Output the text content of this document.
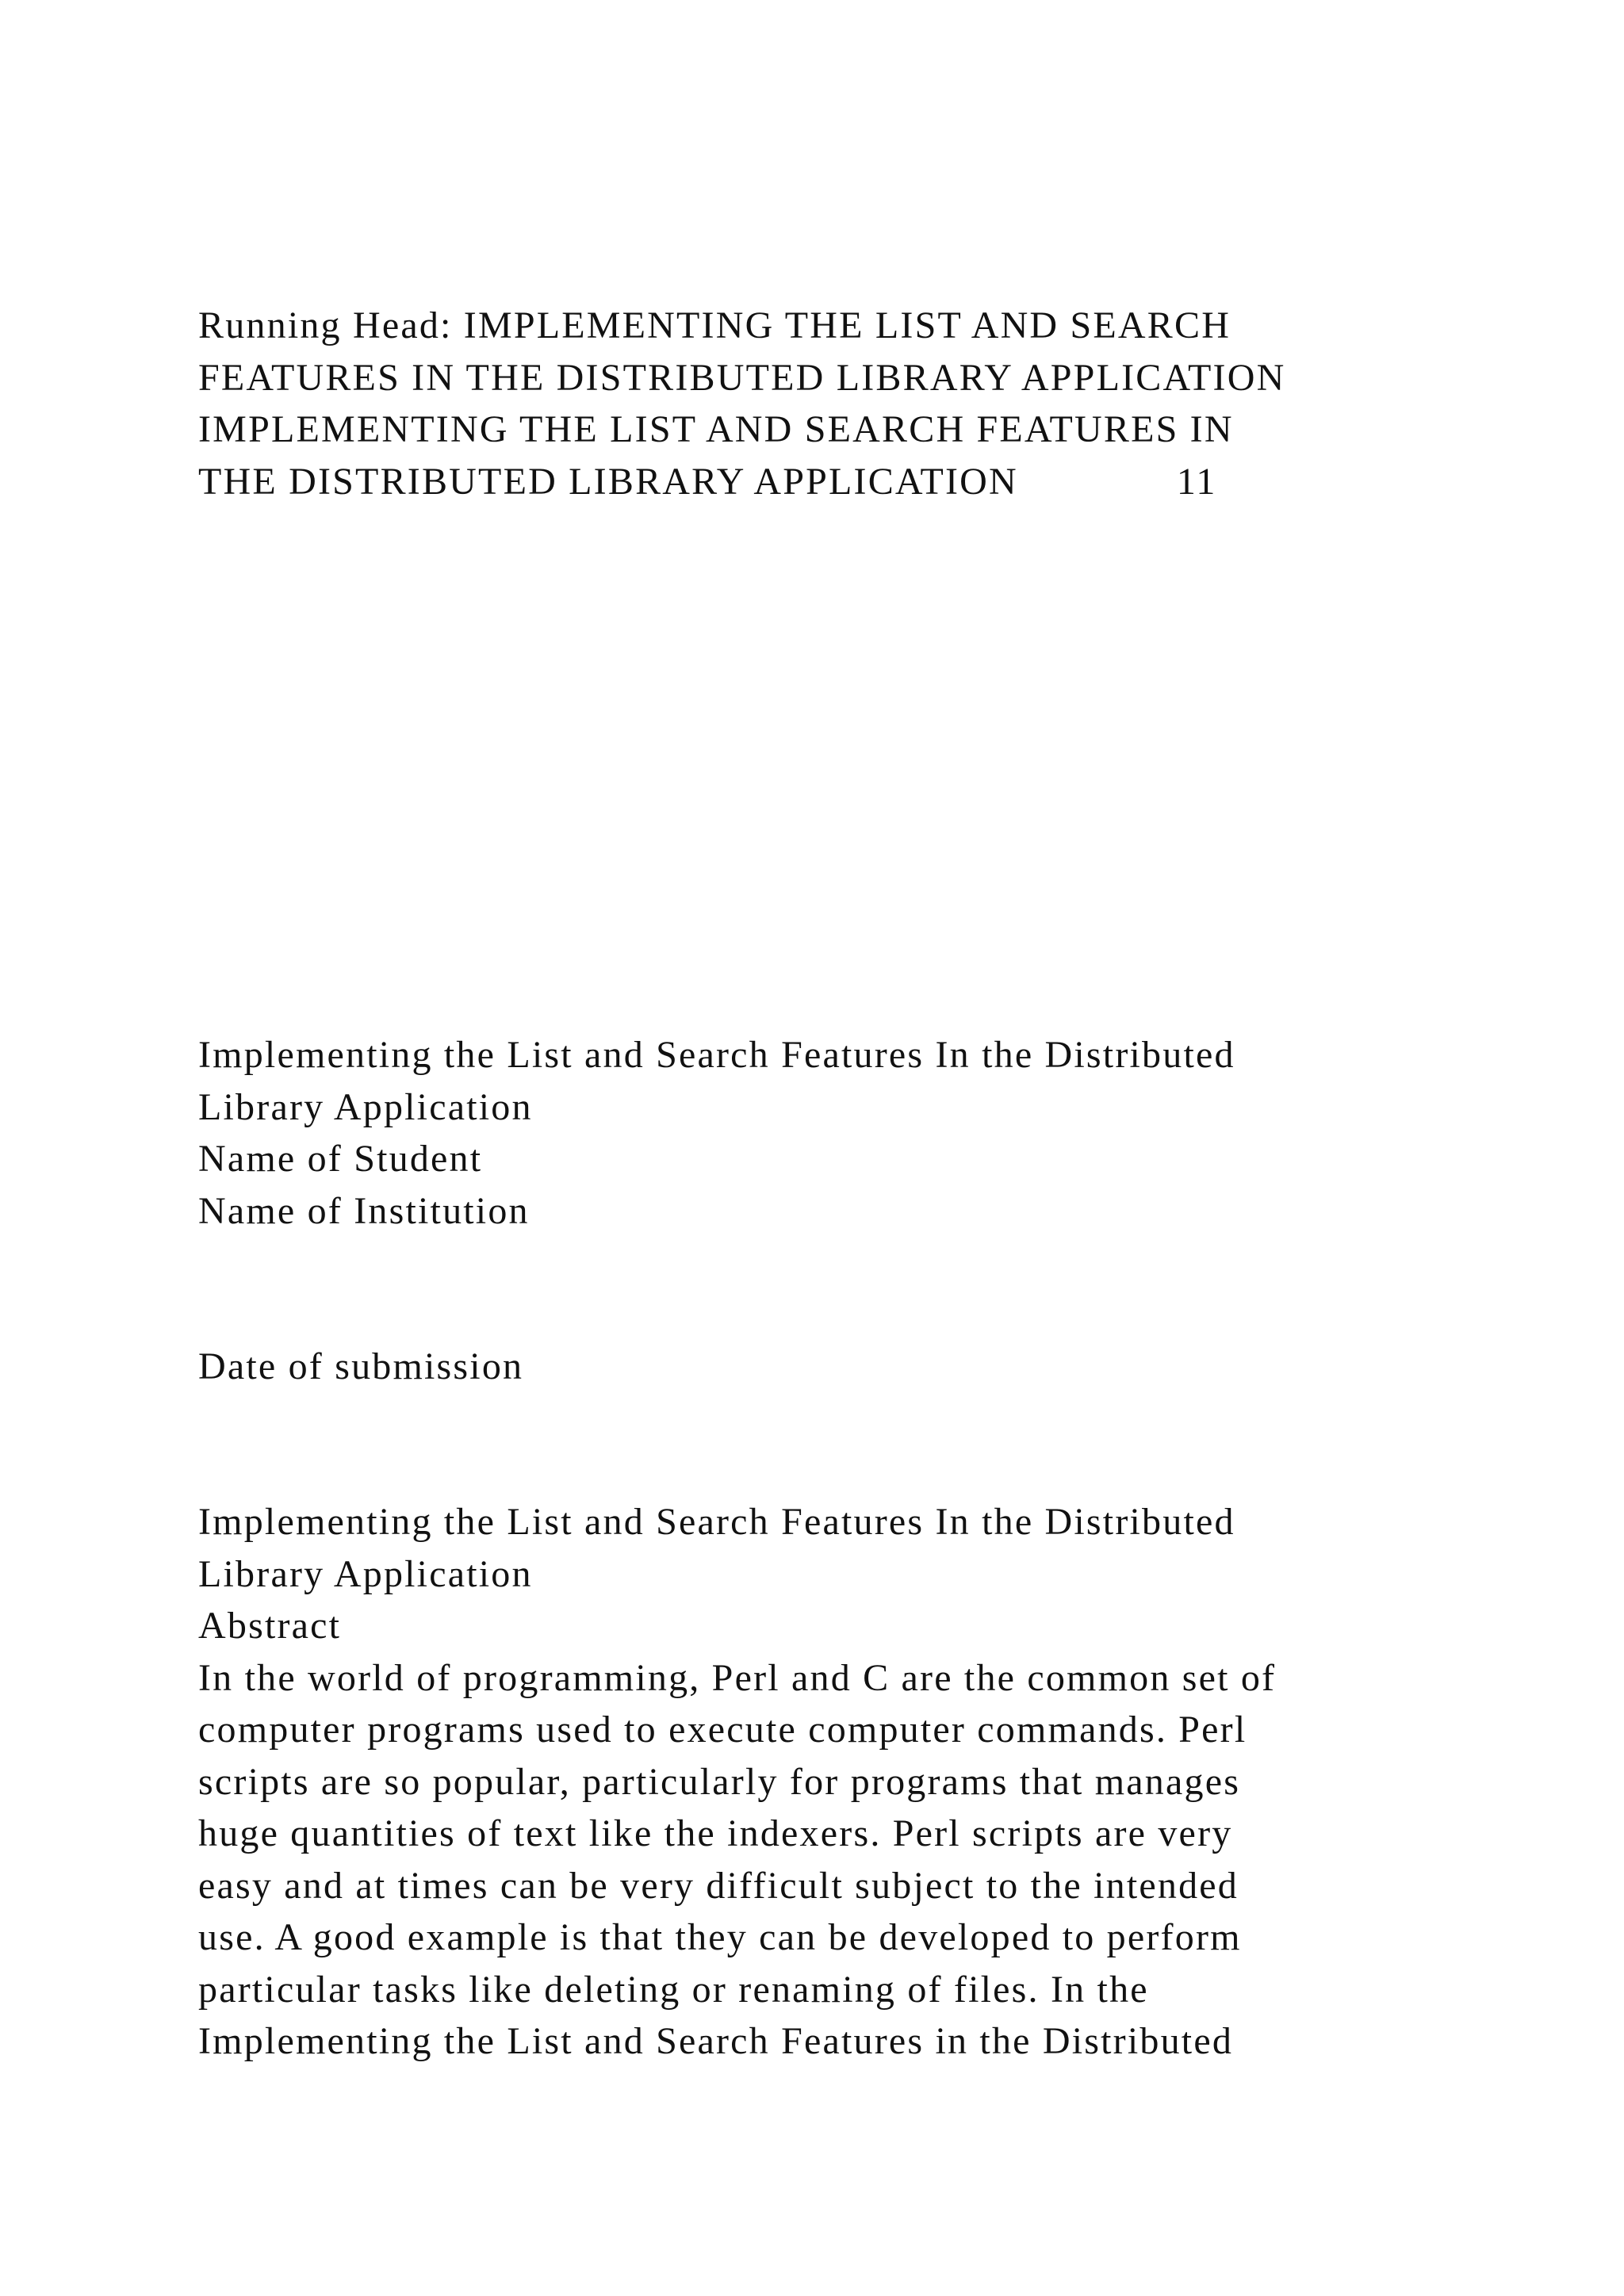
Running Head: IMPLEMENTING THE LIST AND SEARCH
FEATURES IN THE DISTRIBUTED LIBRARY APPLICATION
IMPLEMENTING THE LIST AND SEARCH FEATURES IN
THE DISTRIBUTED LIBRARY APPLICATION	11
Implementing the List and Search Features In the Distributed
Library Application
Name of Student
Name of Institution
Date of submission
Implementing the List and Search Features In the Distributed
Library Application
Abstract
In the world of programming, Perl and C are the common set of
computer programs used to execute computer commands. Perl
scripts are so popular, particularly for programs that manages
huge quantities of text like the indexers. Perl scripts are very
easy and at times can be very difficult subject to the intended
use. A good example is that they can be developed to perform
particular tasks like deleting or renaming of files. In the
Implementing the List and Search Features in the Distributed
